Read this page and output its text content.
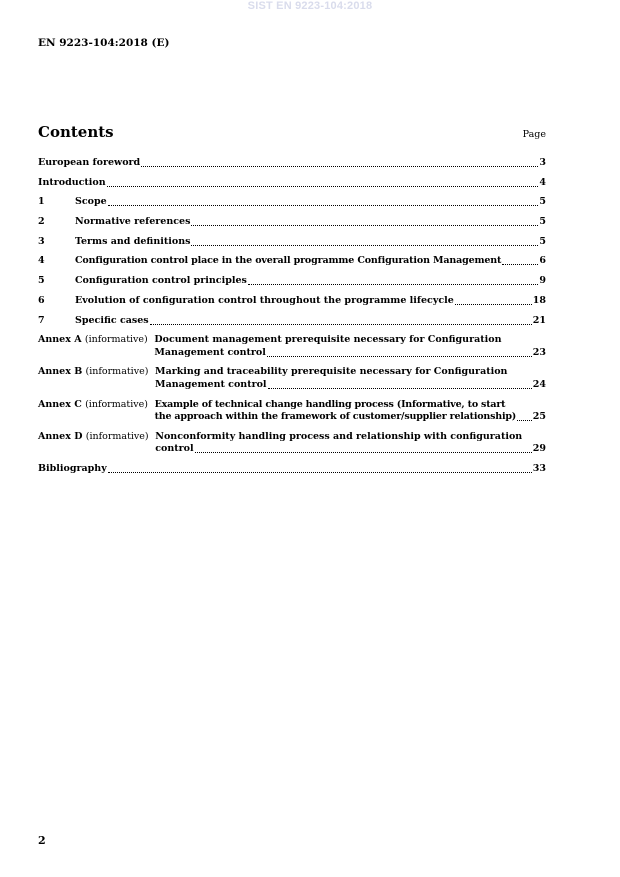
SIST EN 9223-104:2018
EN 9223-104:2018 (E)
Contents	Page
European foreword	3
Introduction	4
1	Scope	5
2	Normative references	5
3	Terms and definitions	5
4	Configuration control place in the overall programme Configuration Management	6
5	Configuration control principles	9
6	Evolution of configuration control throughout the programme lifecycle	18
7	Specific cases	21
Annex A (informative) Document management prerequisite necessary for Configuration
Management control	23
Annex B (informative) Marking and traceability prerequisite necessary for Configuration
Management control	24
Annex C (informative) Example of technical change handling process (Informative, to start
the approach within the framework of customer/supplier relationship) 25
Annex D (informative) Nonconformity handling process and relationship with configuration
control	29
Bibliography	33
2
